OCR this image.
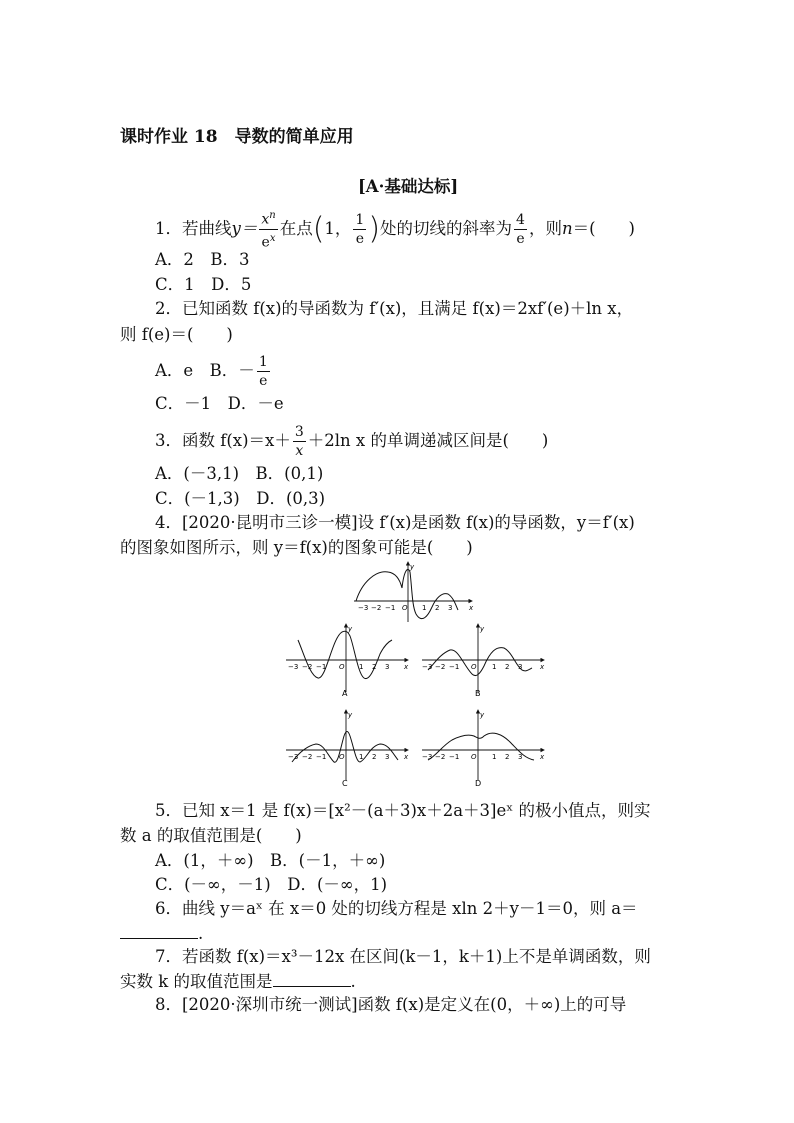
课时作业 18　导数的简单应用
[A·基础达标]
1．若曲线$y= \frac{x^n}{e^x}$ 在点(1， $\frac{1}{e}$ )处的切线的斜率为 $\frac{4}{e}$ ，则n＝(　　)
A．2　B．3
C．1　D．5
2．已知函数 f(x)的导函数为 f′(x)，且满足 f(x)＝2xf′(e)＋ln x，
则 f(e)＝(　　)
A．e　B．－ $\frac{1}{e}$
C．－1　D．－e
3．函数 $f(x)=x+ \frac{3}{x} +2\ln$ x 的单调递减区间是(　　)
A．(－3,1)　B．(0,1)
C．(－1,3)　D．(0,3)
4．[2020·昆明市三诊一模]设 f′(x)是函数 f(x)的导函数，y＝f′(x)
的图象如图所示，则 y＝f(x)的图象可能是(　　)
x
y
−3 −2 −1 O 1 2 3
x
y
−3 −2 −1 O 1 2 3
A
x
y
−3 −2 −1 O 1 2 3
B
x
y
−3 −2 −1 O 1 2 3
C
x
y
−3 −2 −1 O 1 2 3
D
5．已知 x＝1 是 f(x)＝[x²－(a＋3)x＋2a＋3]eˣ 的极小值点，则实
数 a 的取值范围是(　　)
A．(1，＋∞)　B．(－1，＋∞)
C．(－∞，－1)　D．(－∞，1)
6．曲线 y＝aˣ 在 x＝0 处的切线方程是 xln 2＋y－1＝0，则 a＝
.
7．若函数 f(x)＝x³－12x 在区间(k－1，k＋1)上不是单调函数，则
实数 k 的取值范围是	.
8．[2020·深圳市统一测试]函数 f(x)是定义在(0，＋∞)上的可导
